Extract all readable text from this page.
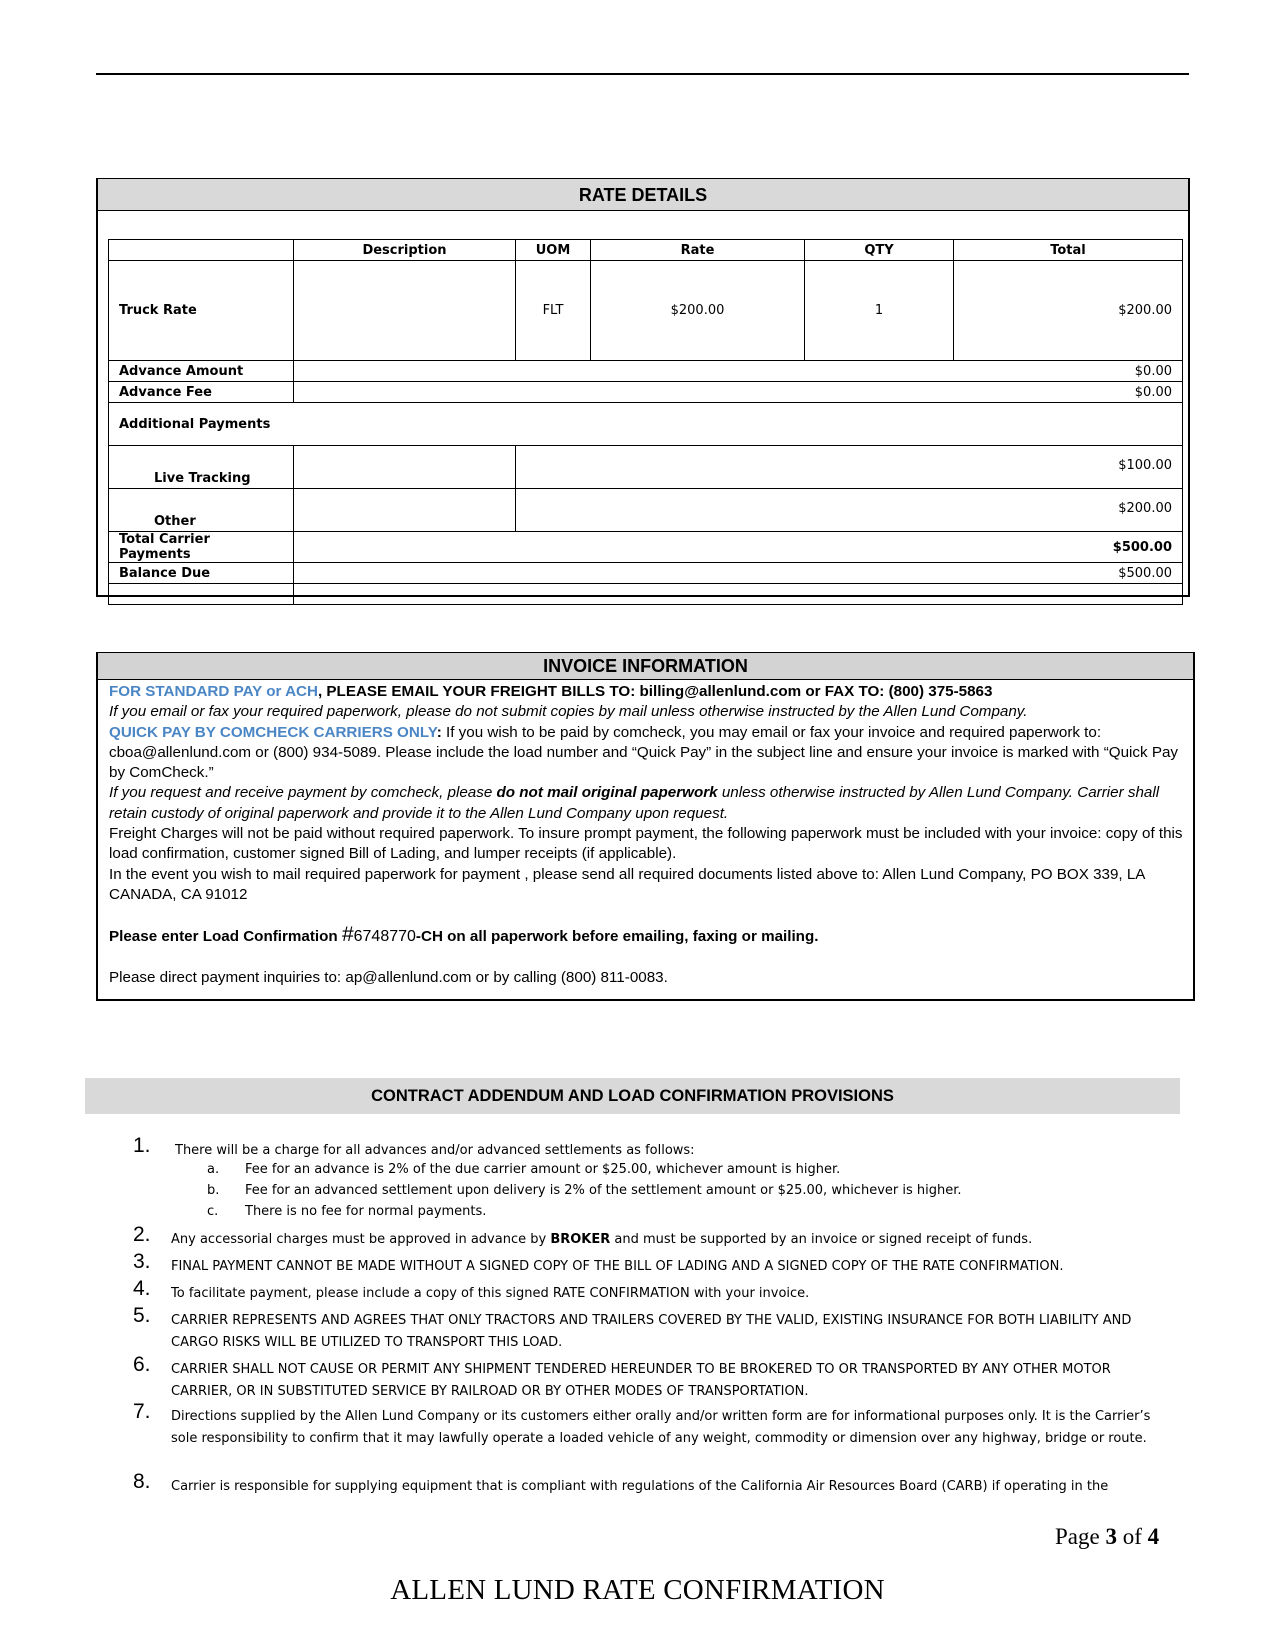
RATE DETAILS
	Description	UOM	Rate	QTY	Total
Truck Rate		FLT	$200.00	1	$200.00
Advance Amount	$0.00				
Advance Fee	$0.00				
Additional Payments					
Live Tracking		$100.00			
Other		$200.00			
Total Carrier Payments	$500.00				
Balance Due	$500.00				

INVOICE INFORMATION
FOR STANDARD PAY or ACH, PLEASE EMAIL YOUR FREIGHT BILLS TO: billing@allenlund.com or FAX TO: (800) 375-5863
If you email or fax your required paperwork, please do not submit copies by mail unless otherwise instructed by the Allen Lund Company.
QUICK PAY BY COMCHECK CARRIERS ONLY: If you wish to be paid by comcheck, you may email or fax your invoice and required paperwork to: cboa@allenlund.com or (800) 934-5089. Please include the load number and “Quick Pay” in the subject line and ensure your invoice is marked with “Quick Pay by ComCheck.”
If you request and receive payment by comcheck, please do not mail original paperwork unless otherwise instructed by Allen Lund Company. Carrier shall retain custody of original paperwork and provide it to the Allen Lund Company upon request.
Freight Charges will not be paid without required paperwork. To insure prompt payment, the following paperwork must be included with your invoice: copy of this load confirmation, customer signed Bill of Lading, and lumper receipts (if applicable).
In the event you wish to mail required paperwork for payment , please send all required documents listed above to: Allen Lund Company, PO BOX 339, LA CANADA, CA 91012
Please enter Load Confirmation #6748770-CH on all paperwork before emailing, faxing or mailing.
Please direct payment inquiries to: ap@allenlund.com or by calling (800) 811-0083.
CONTRACT ADDENDUM AND LOAD CONFIRMATION PROVISIONS
1. There will be a charge for all advances and/or advanced settlements as follows:
a. Fee for an advance is 2% of the due carrier amount or $25.00, whichever amount is higher.
b. Fee for an advanced settlement upon delivery is 2% of the settlement amount or $25.00, whichever is higher.
c. There is no fee for normal payments.
2. Any accessorial charges must be approved in advance by BROKER and must be supported by an invoice or signed receipt of funds.
3. FINAL PAYMENT CANNOT BE MADE WITHOUT A SIGNED COPY OF THE BILL OF LADING AND A SIGNED COPY OF THE RATE CONFIRMATION.
4. To facilitate payment, please include a copy of this signed RATE CONFIRMATION with your invoice.
5. CARRIER REPRESENTS AND AGREES THAT ONLY TRACTORS AND TRAILERS COVERED BY THE VALID, EXISTING INSURANCE FOR BOTH LIABILITY AND CARGO RISKS WILL BE UTILIZED TO TRANSPORT THIS LOAD.
6. CARRIER SHALL NOT CAUSE OR PERMIT ANY SHIPMENT TENDERED HEREUNDER TO BE BROKERED TO OR TRANSPORTED BY ANY OTHER MOTOR CARRIER, OR IN SUBSTITUTED SERVICE BY RAILROAD OR BY OTHER MODES OF TRANSPORTATION.
7. Directions supplied by the Allen Lund Company or its customers either orally and/or written form are for informational purposes only. It is the Carrier’s sole responsibility to confirm that it may lawfully operate a loaded vehicle of any weight, commodity or dimension over any highway, bridge or route.
8. Carrier is responsible for supplying equipment that is compliant with regulations of the California Air Resources Board (CARB) if operating in the
Page 3 of 4
ALLEN LUND RATE CONFIRMATION
